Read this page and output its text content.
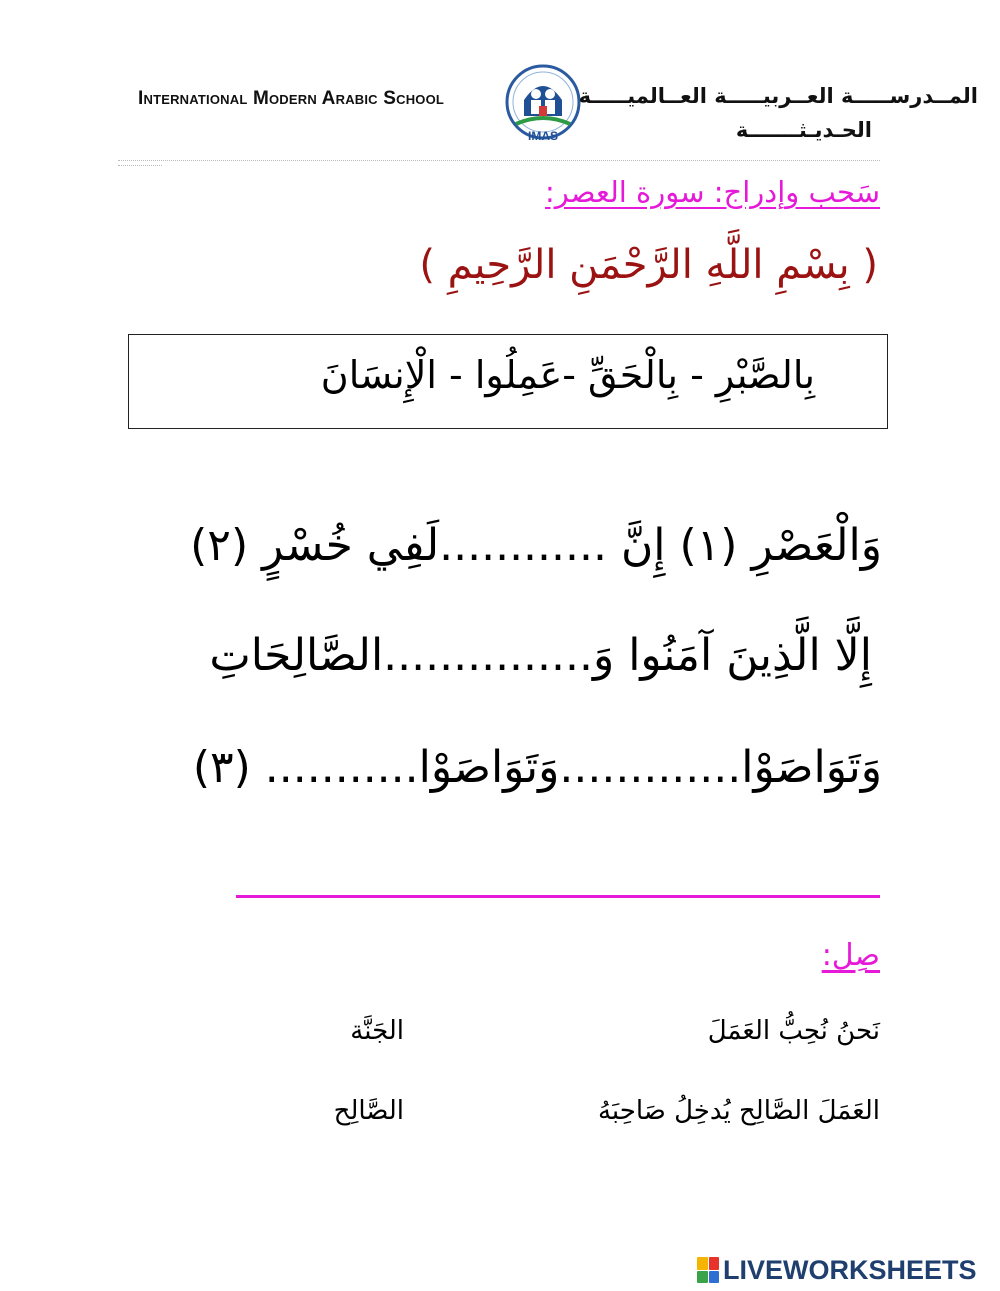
International Modern Arabic School
IMAS
المــدرســـــة العــربيـــــة العــالميـــــة
الحـديـثـــــــة
سَحب وإدراج: سورة العصر:
( بِسْمِ اللَّهِ الرَّحْمَنِ الرَّحِيمِ )
بِالصَّبْرِ - بِالْحَقِّ -عَمِلُوا - الْإِنسَانَ
وَالْعَصْرِ (١) إِنَّ ............لَفِي خُسْرٍ (٢)
إِلَّا الَّذِينَ آمَنُوا وَ...............الصَّالِحَاتِ
وَتَوَاصَوْا.............وَتَوَاصَوْا........... (٣)
صِل:
نَحنُ نُحِبُّ العَمَلَ
الجَنَّة
العَمَلَ الصَّالِح يُدخِلُ صَاحِبَهُ
الصَّالِح
LIVEWORKSHEETS
